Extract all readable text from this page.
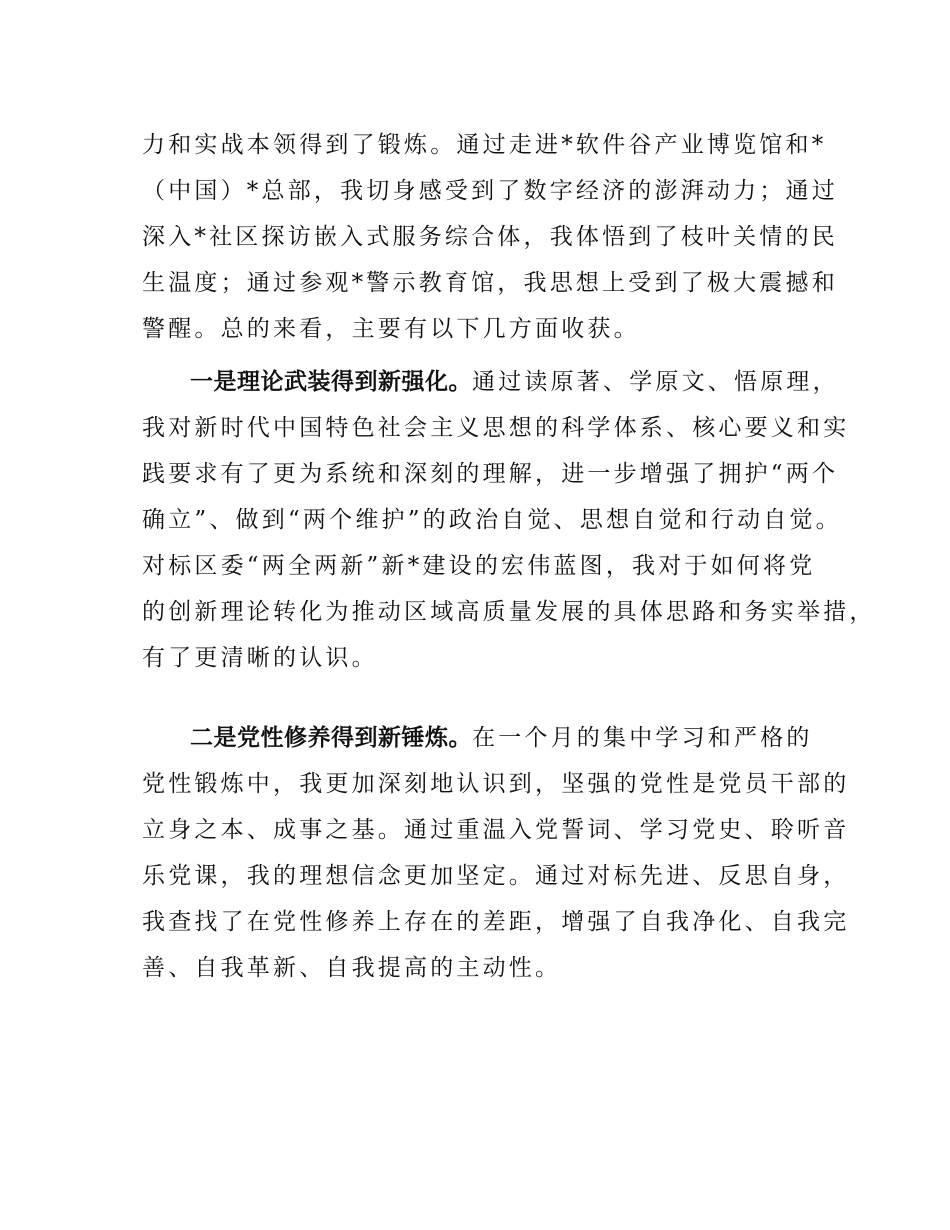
力和实战本领得到了锻炼。通过走进*软件谷产业博览馆和*
（中国）*总部，我切身感受到了数字经济的澎湃动力；通过
深入*社区探访嵌入式服务综合体，我体悟到了枝叶关情的民
生温度；通过参观*警示教育馆，我思想上受到了极大震撼和
警醒。总的来看，主要有以下几方面收获。
一是理论武装得到新强化。通过读原著、学原文、悟原理，
我对新时代中国特色社会主义思想的科学体系、核心要义和实
践要求有了更为系统和深刻的理解，进一步增强了拥护“两个
确立”、做到“两个维护”的政治自觉、思想自觉和行动自觉。
对标区委“两全两新”新*建设的宏伟蓝图，我对于如何将党
的创新理论转化为推动区域高质量发展的具体思路和务实举措，
有了更清晰的认识。
二是党性修养得到新锤炼。在一个月的集中学习和严格的
党性锻炼中，我更加深刻地认识到，坚强的党性是党员干部的
立身之本、成事之基。通过重温入党誓词、学习党史、聆听音
乐党课，我的理想信念更加坚定。通过对标先进、反思自身，
我查找了在党性修养上存在的差距，增强了自我净化、自我完
善、自我革新、自我提高的主动性。
